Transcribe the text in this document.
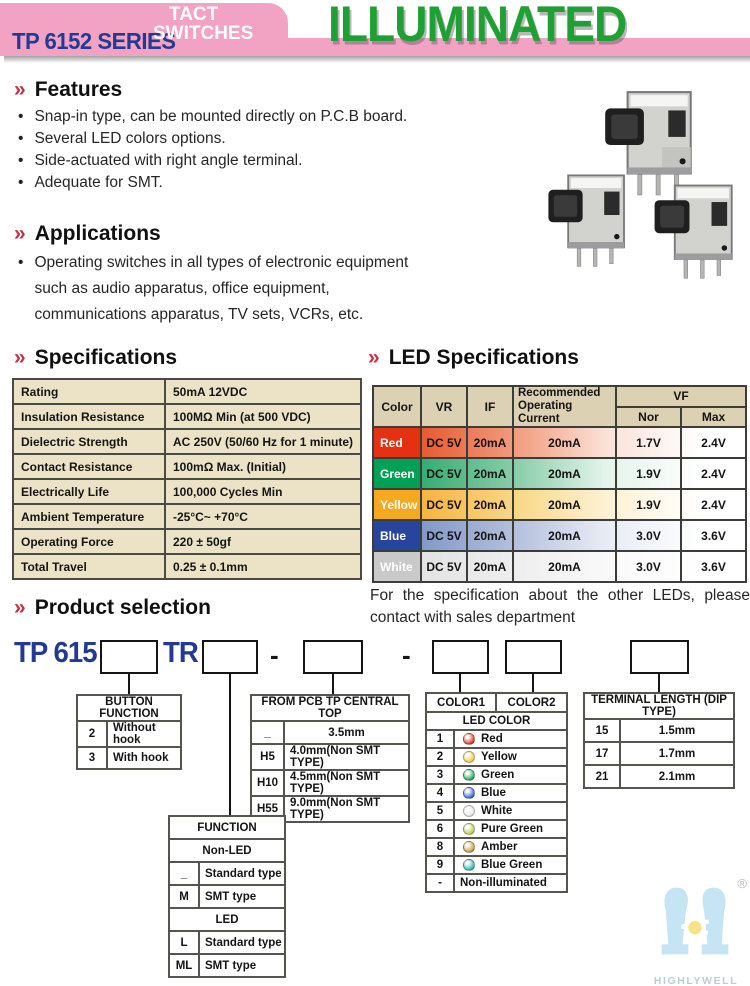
TP 6152 SERIES
TACT
SWITCHES	ILLUMINATED
» Features
• Snap-in type, can be mounted directly on P.C.B board.
• Several LED colors options.
• Side-actuated with right angle terminal.
• Adequate for SMT.
» Applications
• Operating switches in all types of electronic equipment such as audio apparatus, office equipment, communications apparatus, TV sets, VCRs, etc.
» Specifications
Rating	50mA 12VDC
Insulation Resistance	100MΩ Min (at 500 VDC)
Dielectric Strength	AC 250V (50/60 Hz for 1 minute)
Contact Resistance	100mΩ Max. (Initial)
Electrically Life	100,000 Cycles Min
Ambient Temperature	-25°C~ +70°C
Operating Force	220 ± 50gf
Total Travel	0.25 ± 0.1mm
» LED Specifications
Color	VR	IF	Recommended Operating Current	VF	
				Nor	Max
Red	DC 5V	20mA	20mA	1.7V	2.4V
Green	DC 5V	20mA	20mA	1.9V	2.4V
Yellow	DC 5V	20mA	20mA	1.9V	2.4V
Blue	DC 5V	20mA	20mA	3.0V	3.6V
White	DC 5V	20mA	20mA	3.0V	3.6V
For the specification about the other LEDs, please contact with sales department
» Product selection
TP 615 TR	-	-
BUTTON FUNCTION	
2	Without hook
3	With hook
FROM PCB TP CENTRAL TOP	
_	3.5mm
H5	4.0mm(Non SMT TYPE)
H10	4.5mm(Non SMT TYPE)
H55	9.0mm(Non SMT TYPE)
COLOR1		COLOR2
LED COLOR		
1	Red	

2	Yellow	

3	Green	

4	Blue	

5	White	

6	Pure Green	

8	Amber	

9	Blue Green	

-	Non-illuminated	
TERMINAL LENGTH (DIP TYPE)	
15	1.5mm
17	1.7mm
21	2.1mm
FUNCTION	
Non-LED	
_	Standard type
M	SMT type
LED	
L	Standard type
ML	SMT type
®
HIGHLYWELL
